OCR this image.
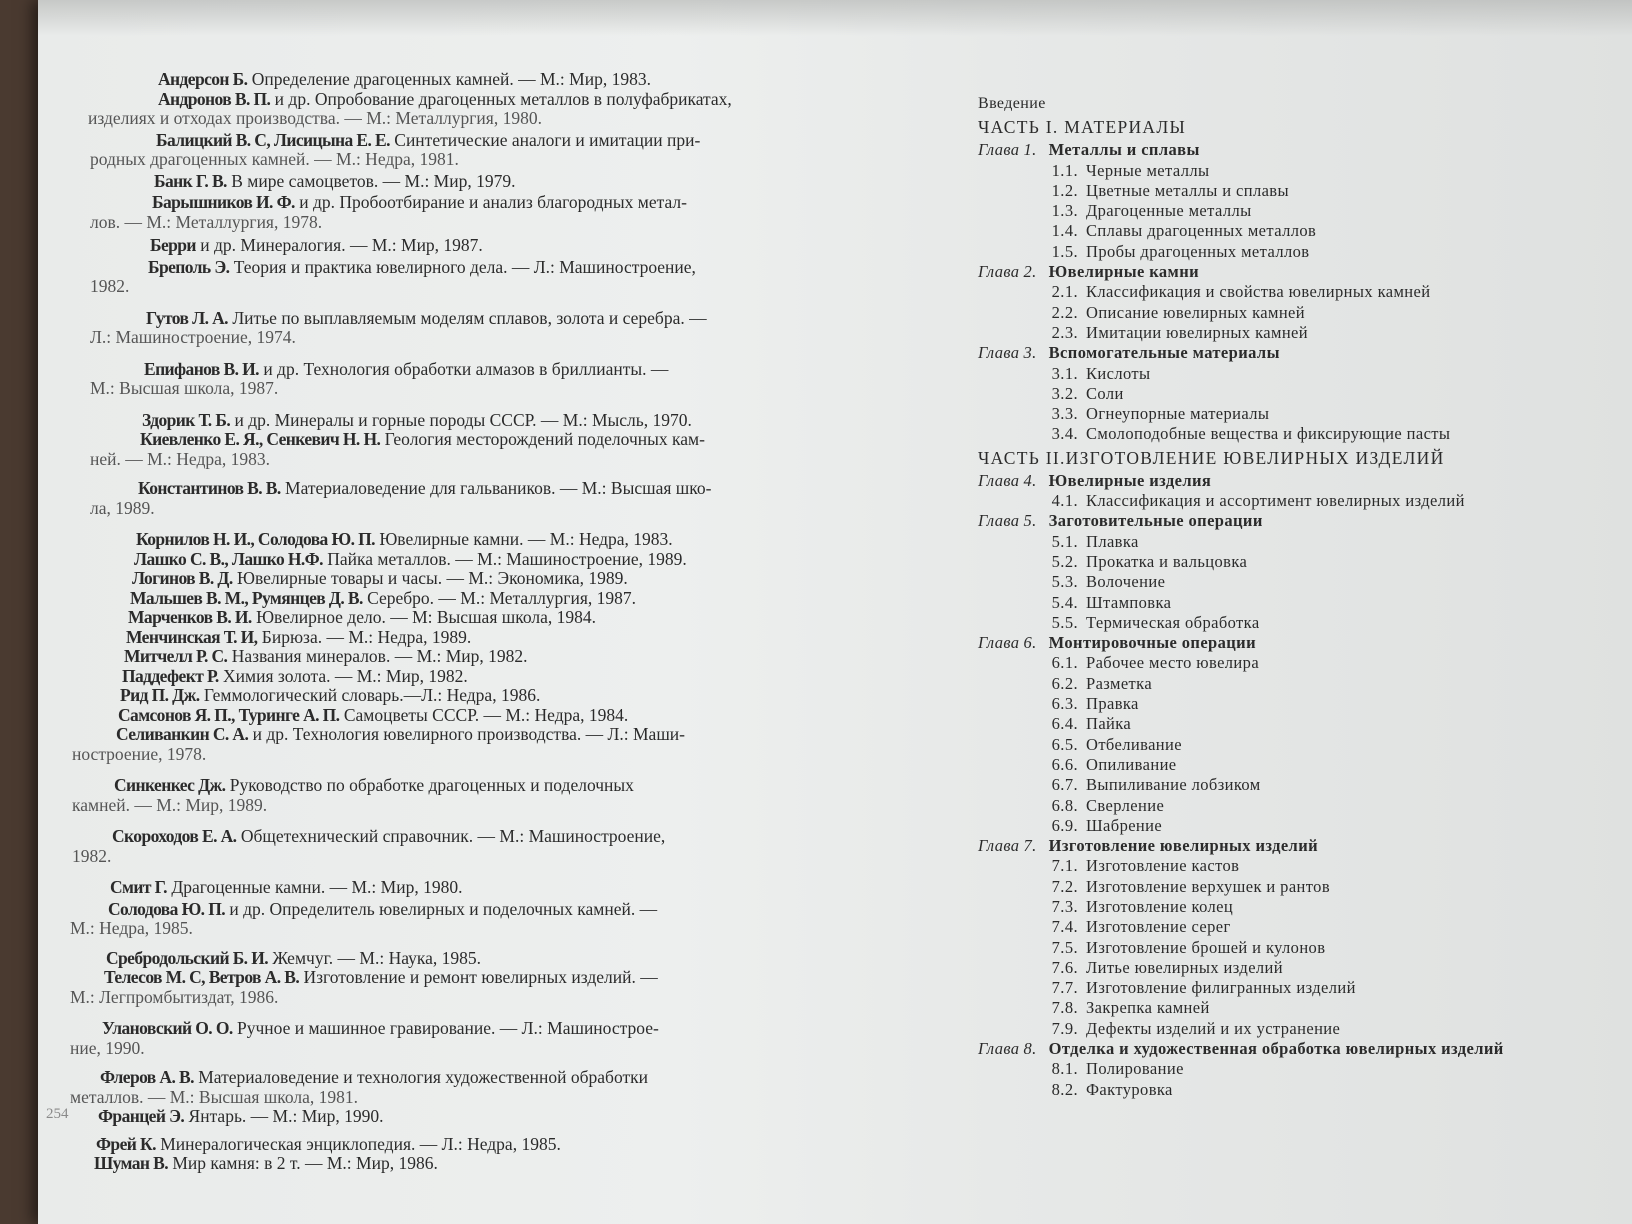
Андерсон Б. Определение драгоценных камней. — М.: Мир, 1983.
Андронов В. П. и др. Опробование драгоценных металлов в полуфабрикатах,
изделиях и отходах производства. — М.: Металлургия, 1980.
Балицкий В. С, Лисицына Е. Е. Синтетические аналоги и имитации при-
родных драгоценных камней. — М.: Недра, 1981.
Банк Г. В. В мире самоцветов. — М.: Мир, 1979.
Барышников И. Ф. и др. Пробоотбирание и анализ благородных метал-
лов. — М.: Металлургия, 1978.
Берри и др. Минералогия. — М.: Мир, 1987.
Бреполь Э. Теория и практика ювелирного дела. — Л.: Машиностроение,
1982.
Гутов Л. А. Литье по выплавляемым моделям сплавов, золота и серебра. —
Л.: Машиностроение, 1974.
Епифанов В. И. и др. Технология обработки алмазов в бриллианты. —
М.: Высшая школа, 1987.
Здорик Т. Б. и др. Минералы и горные породы СССР. — М.: Мысль, 1970.
Киевленко Е. Я., Сенкевич Н. Н. Геология месторождений поделочных кам-
ней. — М.: Недра, 1983.
Константинов В. В. Материаловедение для гальваников. — М.: Высшая шко-
ла, 1989.
Корнилов Н. И., Солодова Ю. П. Ювелирные камни. — М.: Недра, 1983.
Лашко С. В., Лашко Н.Ф. Пайка металлов. — М.: Машиностроение, 1989.
Логинов В. Д. Ювелирные товары и часы. — М.: Экономика, 1989.
Мальшев В. М., Румянцев Д. В. Серебро. — М.: Металлургия, 1987.
Марченков В. И. Ювелирное дело. — М: Высшая школа, 1984.
Менчинская Т. И, Бирюза. — М.: Недра, 1989.
Митчелл Р. С. Названия минералов. — М.: Мир, 1982.
Паддефект Р. Химия золота. — М.: Мир, 1982.
Рид П. Дж. Геммологический словарь.—Л.: Недра, 1986.
Самсонов Я. П., Туринге А. П. Самоцветы СССР. — М.: Недра, 1984.
Селиванкин С. А. и др. Технология ювелирного производства. — Л.: Маши-
ностроение, 1978.
Синкенкес Дж. Руководство по обработке драгоценных и поделочных
камней. — М.: Мир, 1989.
Скороходов Е. А. Общетехнический справочник. — М.: Машиностроение,
1982.
Смит Г. Драгоценные камни. — М.: Мир, 1980.
Солодова Ю. П. и др. Определитель ювелирных и поделочных камней. —
М.: Недра, 1985.
Сребродольский Б. И. Жемчуг. — М.: Наука, 1985.
Телесов М. С, Ветров А. В. Изготовление и ремонт ювелирных изделий. —
М.: Легпромбытиздат, 1986.
Улановский О. О. Ручное и машинное гравирование. — Л.: Машинострое-
ние, 1990.
Флеров А. В. Материаловедение и технология художественной обработки
металлов. — М.: Высшая школа, 1981.
Францей Э. Янтарь. — М.: Мир, 1990.
Фрей К. Минералогическая энциклопедия. — Л.: Недра, 1985.
Шуман В. Мир камня: в 2 т. — М.: Мир, 1986.
254
Введение
ЧАСТЬ I. МАТЕРИАЛЫ
Глава 1. Металлы и сплавы
1.1. Черные металлы
1.2. Цветные металлы и сплавы
1.3. Драгоценные металлы
1.4. Сплавы драгоценных металлов
1.5. Пробы драгоценных металлов
Глава 2. Ювелирные камни
2.1. Классификация и свойства ювелирных камней
2.2. Описание ювелирных камней
2.3. Имитации ювелирных камней
Глава 3. Вспомогательные материалы
3.1. Кислоты
3.2. Соли
3.3. Огнеупорные материалы
3.4. Смолоподобные вещества и фиксирующие пасты
ЧАСТЬ II.ИЗГОТОВЛЕНИЕ ЮВЕЛИРНЫХ ИЗДЕЛИЙ
Глава 4. Ювелирные изделия
4.1. Классификация и ассортимент ювелирных изделий
Глава 5. Заготовительные операции
5.1. Плавка
5.2. Прокатка и вальцовка
5.3. Волочение
5.4. Штамповка
5.5. Термическая обработка
Глава 6. Монтировочные операции
6.1. Рабочее место ювелира
6.2. Разметка
6.3. Правка
6.4. Пайка
6.5. Отбеливание
6.6. Опиливание
6.7. Выпиливание лобзиком
6.8. Сверление
6.9. Шабрение
Глава 7. Изготовление ювелирных изделий
7.1. Изготовление кастов
7.2. Изготовление верхушек и рантов
7.3. Изготовление колец
7.4. Изготовление серег
7.5. Изготовление брошей и кулонов
7.6. Литье ювелирных изделий
7.7. Изготовление филигранных изделий
7.8. Закрепка камней
7.9. Дефекты изделий и их устранение
Глава 8. Отделка и художественная обработка ювелирных изделий
8.1. Полирование
8.2. Фактуровка
